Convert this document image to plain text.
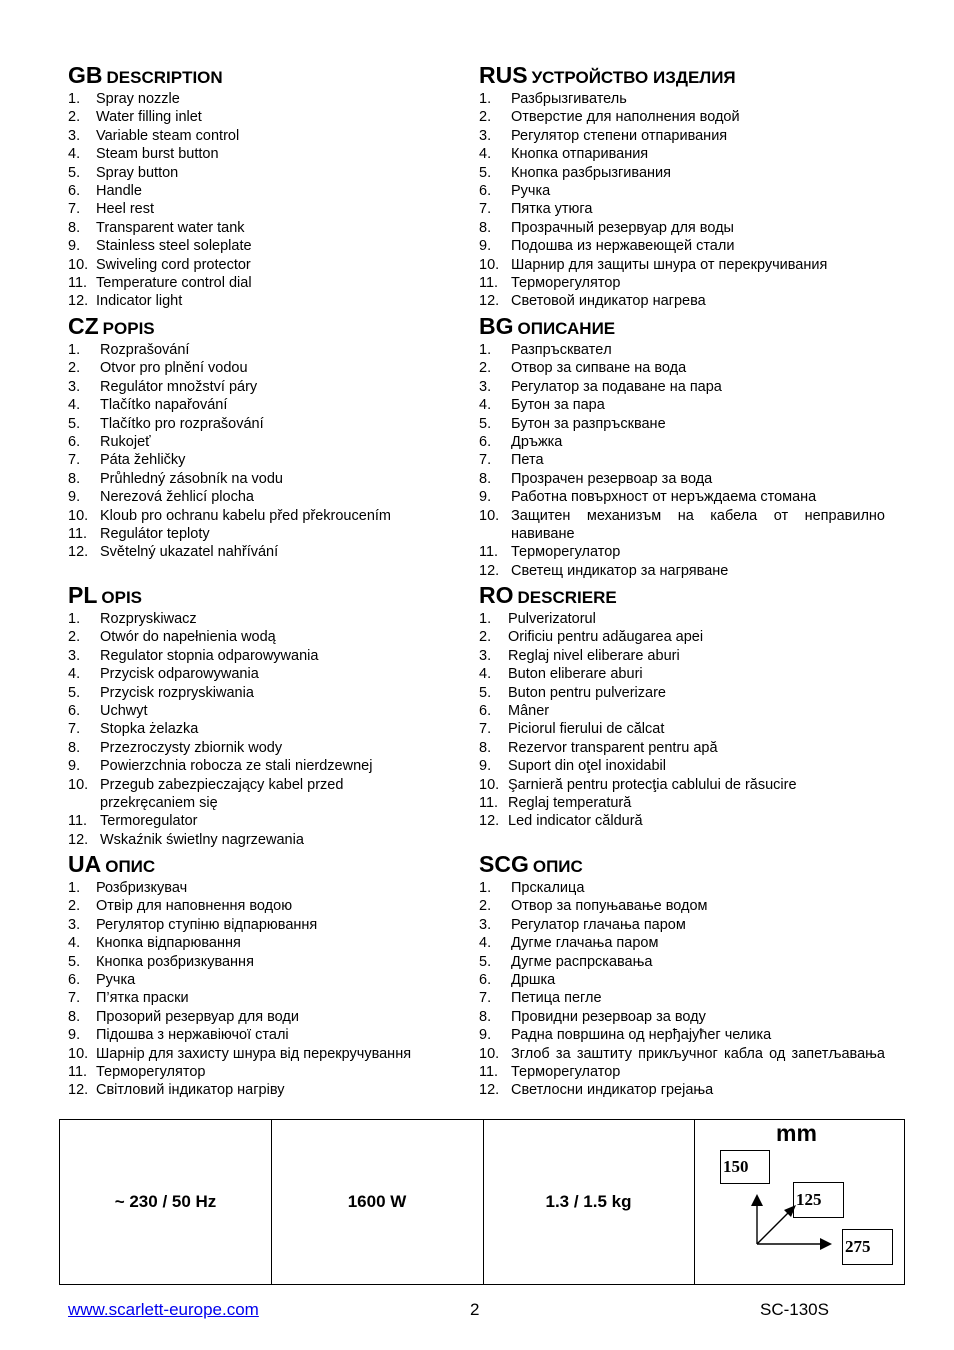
GB DESCRIPTION
1. Spray nozzle
2. Water filling inlet
3. Variable steam control
4. Steam burst button
5. Spray button
6. Handle
7. Heel rest
8. Transparent water tank
9. Stainless steel soleplate
10. Swiveling cord protector
11. Temperature control dial
12. Indicator light
CZ POPIS
1. Rozprašování
2. Otvor pro plnění vodou
3. Regulátor množství páry
4. Tlačítko napařování
5. Tlačítko pro rozprašování
6. Rukojeť
7. Páta žehličky
8. Průhledný zásobník na vodu
9. Nerezová žehlicí plocha
10. Kloub pro ochranu kabelu před překroucením
11. Regulátor teploty
12. Světelný ukazatel nahřívání
PL OPIS
1. Rozpryskiwacz
2. Otwór do napełnienia wodą
3. Regulator stopnia odparowywania
4. Przycisk odparowywania
5. Przycisk rozpryskiwania
6. Uchwyt
7. Stopka żelazka
8. Przezroczysty zbiornik wody
9. Powierzchnia robocza ze stali nierdzewnej
10. Przegub zabezpieczający kabel przed przekręcaniem się
11. Termoregulator
12. Wskaźnik świetlny nagrzewania
UA ОПИС
1. Розбризкувач
2. Отвір для наповнення водою
3. Регулятор ступіню відпарювання
4. Кнопка відпарювання
5. Кнопка розбризкування
6. Ручка
7. П’ятка праски
8. Прозорий резервуар для води
9. Підошва з нержавіючої сталі
10. Шарнір для захисту шнура від перекручування
11. Терморегулятор
12. Світловий індикатор нагріву
RUS УСТРОЙСТВО ИЗДЕЛИЯ
1. Разбрызгиватель
2. Отверстие для наполнения водой
3. Регулятор степени отпаривания
4. Кнопка отпаривания
5. Кнопка разбрызгивания
6. Ручка
7. Пятка утюга
8. Прозрачный резервуар для воды
9. Подошва из нержавеющей стали
10. Шарнир для защиты шнура от перекручивания
11. Терморегулятор
12. Световой индикатор нагрева
BG ОПИСАНИЕ
1. Разпръскватeл
2. Отвор за сипване на вода
3. Регулатор за подаване на пара
4. Бутон за пара
5. Бутон за разпръскване
6. Дръжка
7. Пета
8. Прозрачен резервоар за вода
9. Работна повърхност от неръждаема стомана
10. Защитен механизъм на кабела от неправилно навиване
11. Терморегулатор
12. Светещ индикатор за нагряване
RO DESCRIERE
1. Pulverizatorul
2. Orificiu pentru adăugarea apei
3. Reglaj nivel eliberare aburi
4. Buton eliberare aburi
5. Buton pentru pulverizare
6. Mâner
7. Piciorul fierului de călcat
8. Rezervor transparent pentru apă
9. Suport din oţel inoxidabil
10. Şarnieră pentru protecţia cablului de răsucire
11. Reglaj temperatură
12. Led indicator căldură
SCG ОПИС
1. Прскалица
2. Отвор за попуњавање водом
3. Регулатор глачања паром
4. Дугме глачања паром
5. Дугме распрскавања
6. Дршка
7. Петица пегле
8. Провидни резервоар за воду
9. Радна површина од нерђајућег челика
10. Зглоб за заштиту прикључног кабла од запетљавања
11. Терморегулатор
12. Светлосни индикатор грејања
~ 230 / 50 Hz	1600 W	1.3 / 1.5 kg
mm
150
125
275
www.scarlett-europe.com	2	SC-130S
